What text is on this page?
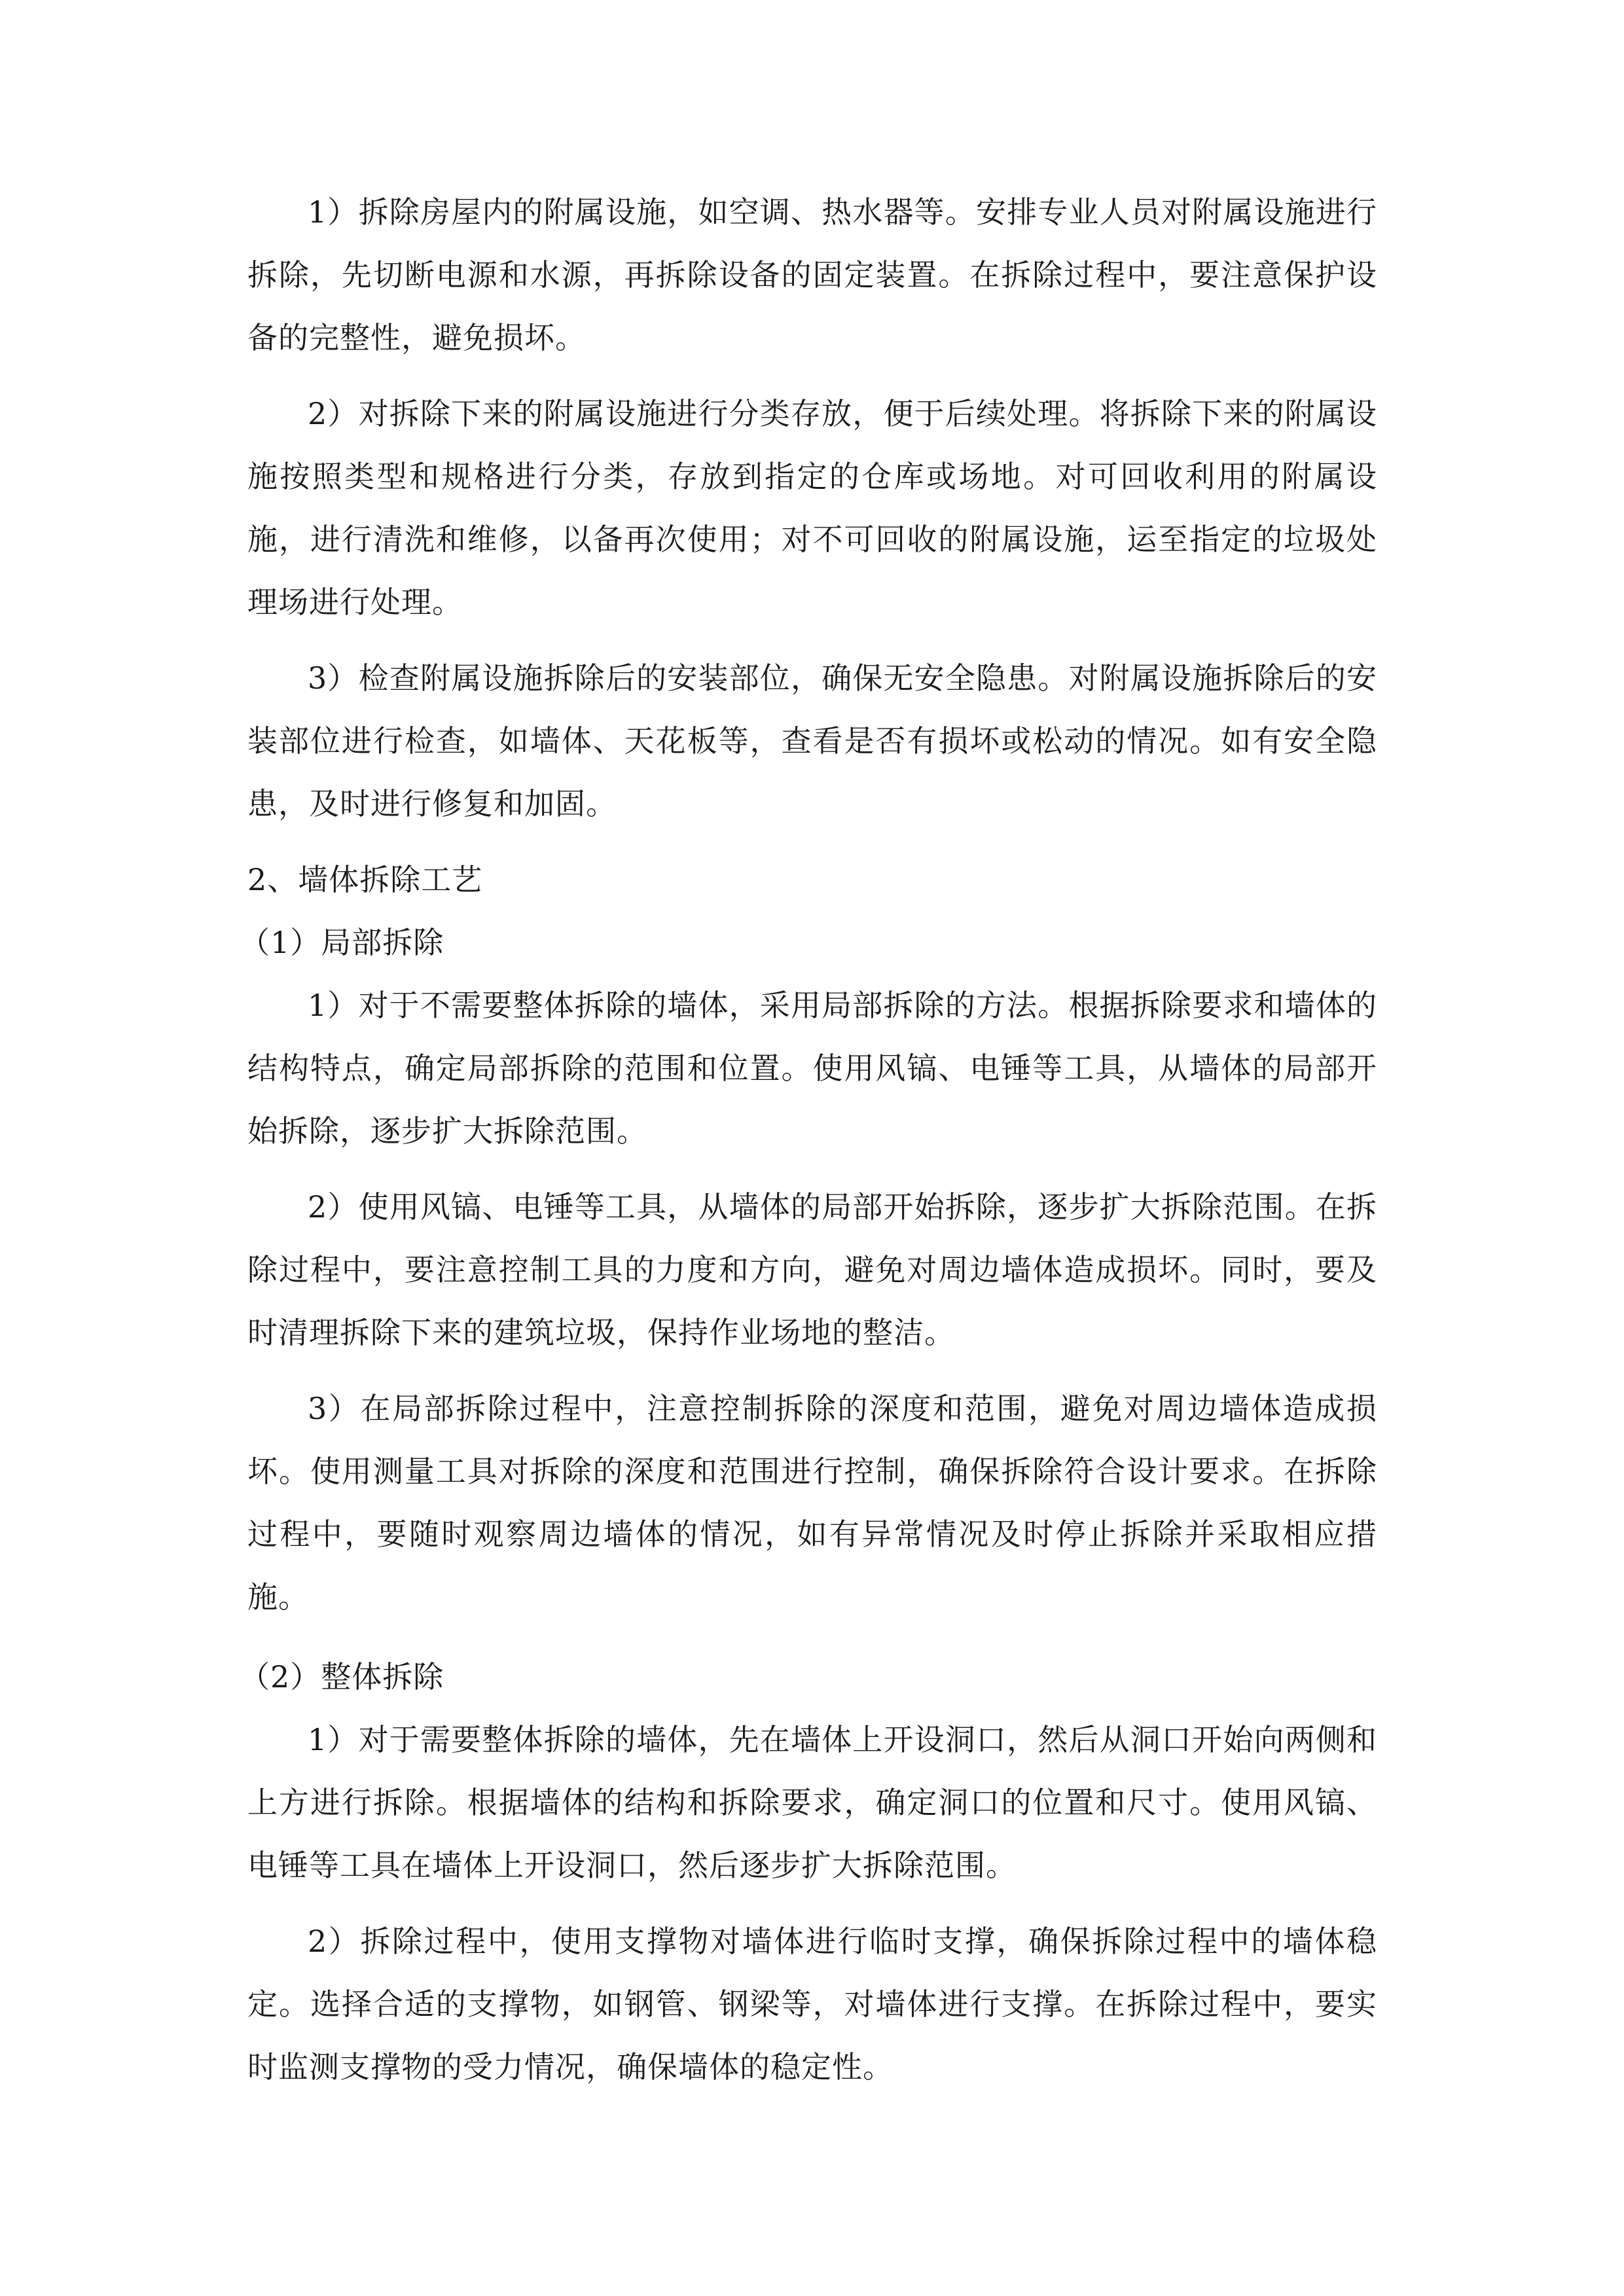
1）拆除房屋内的附属设施，如空调、热水器等。安排专业人员对附属设施进行拆除，先切断电源和水源，再拆除设备的固定装置。在拆除过程中，要注意保护设备的完整性，避免损坏。

2）对拆除下来的附属设施进行分类存放，便于后续处理。将拆除下来的附属设施按照类型和规格进行分类，存放到指定的仓库或场地。对可回收利用的附属设施，进行清洗和维修，以备再次使用；对不可回收的附属设施，运至指定的垃圾处理场进行处理。

3）检查附属设施拆除后的安装部位，确保无安全隐患。对附属设施拆除后的安装部位进行检查，如墙体、天花板等，查看是否有损坏或松动的情况。如有安全隐患，及时进行修复和加固。

2、墙体拆除工艺

（1）局部拆除

1）对于不需要整体拆除的墙体，采用局部拆除的方法。根据拆除要求和墙体的结构特点，确定局部拆除的范围和位置。使用风镐、电锤等工具，从墙体的局部开始拆除，逐步扩大拆除范围。

2）使用风镐、电锤等工具，从墙体的局部开始拆除，逐步扩大拆除范围。在拆除过程中，要注意控制工具的力度和方向，避免对周边墙体造成损坏。同时，要及时清理拆除下来的建筑垃圾，保持作业场地的整洁。

3）在局部拆除过程中，注意控制拆除的深度和范围，避免对周边墙体造成损坏。使用测量工具对拆除的深度和范围进行控制，确保拆除符合设计要求。在拆除过程中，要随时观察周边墙体的情况，如有异常情况及时停止拆除并采取相应措施。

（2）整体拆除

1）对于需要整体拆除的墙体，先在墙体上开设洞口，然后从洞口开始向两侧和上方进行拆除。根据墙体的结构和拆除要求，确定洞口的位置和尺寸。使用风镐、电锤等工具在墙体上开设洞口，然后逐步扩大拆除范围。

2）拆除过程中，使用支撑物对墙体进行临时支撑，确保拆除过程中的墙体稳定。选择合适的支撑物，如钢管、钢梁等，对墙体进行支撑。在拆除过程中，要实时监测支撑物的受力情况，确保墙体的稳定性。
